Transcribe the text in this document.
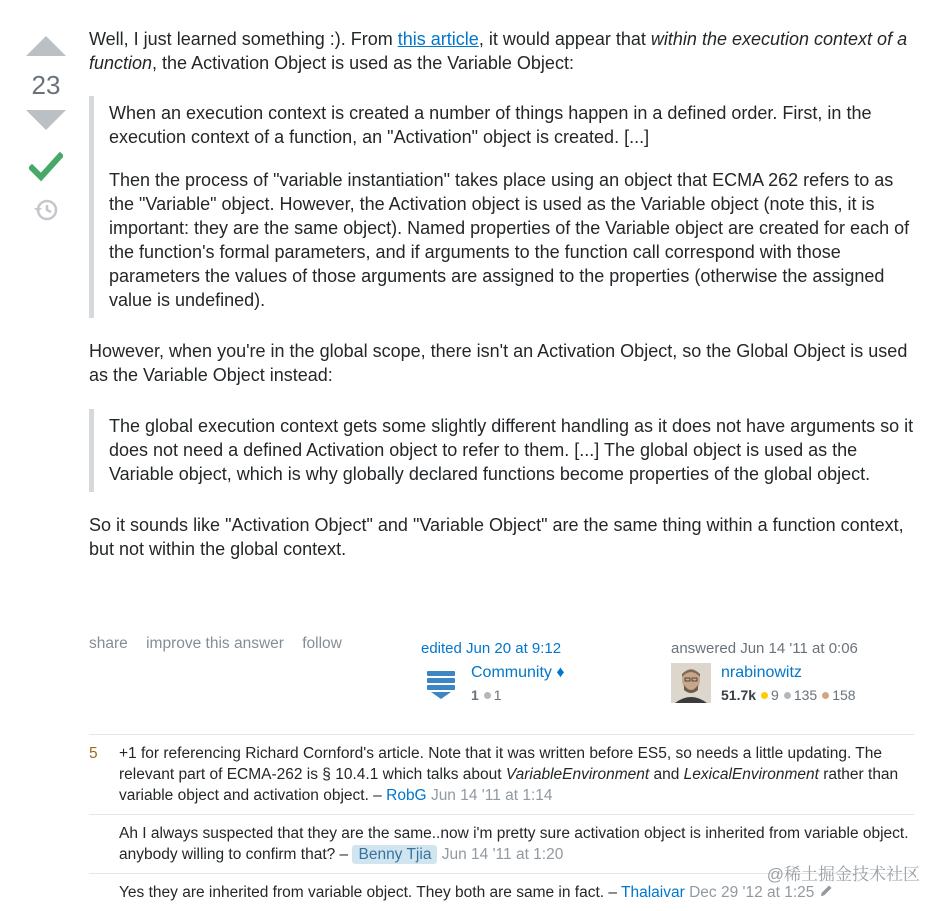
23

Well, I just learned something :). From this article, it would appear that within the execution context of a function, the Activation Object is used as the Variable Object:

When an execution context is created a number of things happen in a defined order. First, in the execution context of a function, an "Activation" object is created. [...]

Then the process of "variable instantiation" takes place using an object that ECMA 262 refers to as the "Variable" object. However, the Activation object is used as the Variable object (note this, it is important: they are the same object). Named properties of the Variable object are created for each of the function's formal parameters, and if arguments to the function call correspond with those parameters the values of those arguments are assigned to the properties (otherwise the assigned value is undefined).

However, when you're in the global scope, there isn't an Activation Object, so the Global Object is used as the Variable Object instead:

The global execution context gets some slightly different handling as it does not have arguments so it does not need a defined Activation object to refer to them. [...] The global object is used as the Variable object, which is why globally declared functions become properties of the global object.

So it sounds like "Activation Object" and "Variable Object" are the same thing within a function context, but not within the global context.

share improve this answer follow	edited Jun 20 at 9:12
Community ♦
1 1
answered Jun 14 '11 at 0:06
nrabinowitz
51.7k 9 135 158
5	+1 for referencing Richard Cornford's article. Note that it was written before ES5, so needs a little updating. The relevant part of ECMA-262 is § 10.4.1 which talks about VariableEnvironment and LexicalEnvironment rather than variable object and activation object. – RobG Jun 14 '11 at 1:14
Ah I always suspected that they are the same..now i'm pretty sure activation object is inherited from variable object. anybody willing to confirm that? – Benny Tjia Jun 14 '11 at 1:20
Yes they are inherited from variable object. They both are same in fact. – Thalaivar Dec 29 '12 at 1:25
@稀土掘金技术社区
